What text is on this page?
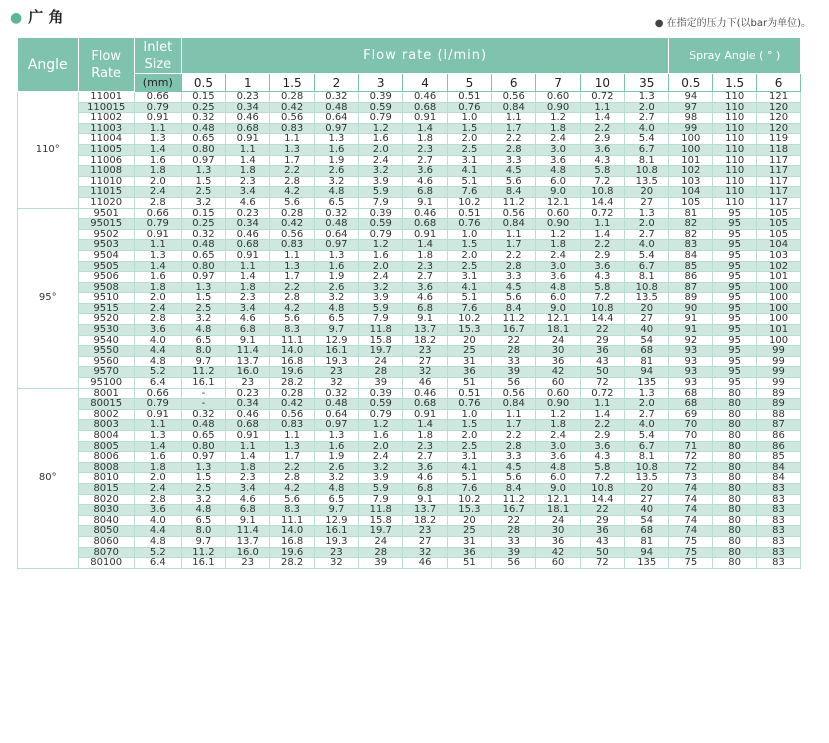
● 广 角	● 在指定的压力下(以bar为单位)。
Angle	Flow Rate	Inlet Size	Flow rate (l/min)											Spray Angle ( ° )		
		(mm)	0.5	1	1.5	2	3	4	5	6	7	10	35	0.5	1.5	6
110°	11001	0.66	0.15	0.23	0.28	0.32	0.39	0.46	0.51	0.56	0.60	0.72	1.3	94	110	121
	110015	0.79	0.25	0.34	0.42	0.48	0.59	0.68	0.76	0.84	0.90	1.1	2.0	97	110	120
	11002	0.91	0.32	0.46	0.56	0.64	0.79	0.91	1.0	1.1	1.2	1.4	2.7	98	110	120
	11003	1.1	0.48	0.68	0.83	0.97	1.2	1.4	1.5	1.7	1.8	2.2	4.0	99	110	120
	11004	1.3	0.65	0.91	1.1	1.3	1.6	1.8	2.0	2.2	2.4	2.9	5.4	100	110	119
	11005	1.4	0.80	1.1	1.3	1.6	2.0	2.3	2.5	2.8	3.0	3.6	6.7	100	110	118
	11006	1.6	0.97	1.4	1.7	1.9	2.4	2.7	3.1	3.3	3.6	4.3	8.1	101	110	117
	11008	1.8	1.3	1.8	2.2	2.6	3.2	3.6	4.1	4.5	4.8	5.8	10.8	102	110	117
	11010	2.0	1.5	2.3	2.8	3.2	3.9	4.6	5.1	5.6	6.0	7.2	13.5	103	110	117
	11015	2.4	2.5	3.4	4.2	4.8	5.9	6.8	7.6	8.4	9.0	10.8	20	104	110	117
	11020	2.8	3.2	4.6	5.6	6.5	7.9	9.1	10.2	11.2	12.1	14.4	27	105	110	117
95°	9501	0.66	0.15	0.23	0.28	0.32	0.39	0.46	0.51	0.56	0.60	0.72	1.3	81	95	105
	95015	0.79	0.25	0.34	0.42	0.48	0.59	0.68	0.76	0.84	0.90	1.1	2.0	82	95	105
	9502	0.91	0.32	0.46	0.56	0.64	0.79	0.91	1.0	1.1	1.2	1.4	2.7	82	95	105
	9503	1.1	0.48	0.68	0.83	0.97	1.2	1.4	1.5	1.7	1.8	2.2	4.0	83	95	104
	9504	1.3	0.65	0.91	1.1	1.3	1.6	1.8	2.0	2.2	2.4	2.9	5.4	84	95	103
	9505	1.4	0.80	1.1	1.3	1.6	2.0	2.3	2.5	2.8	3.0	3.6	6.7	85	95	102
	9506	1.6	0.97	1.4	1.7	1.9	2.4	2.7	3.1	3.3	3.6	4.3	8.1	86	95	101
	9508	1.8	1.3	1.8	2.2	2.6	3.2	3.6	4.1	4.5	4.8	5.8	10.8	87	95	100
	9510	2.0	1.5	2.3	2.8	3.2	3.9	4.6	5.1	5.6	6.0	7.2	13.5	89	95	100
	9515	2.4	2.5	3.4	4.2	4.8	5.9	6.8	7.6	8.4	9.0	10.8	20	90	95	100
	9520	2.8	3.2	4.6	5.6	6.5	7.9	9.1	10.2	11.2	12.1	14.4	27	91	95	100
	9530	3.6	4.8	6.8	8.3	9.7	11.8	13.7	15.3	16.7	18.1	22	40	91	95	101
	9540	4.0	6.5	9.1	11.1	12.9	15.8	18.2	20	22	24	29	54	92	95	100
	9550	4.4	8.0	11.4	14.0	16.1	19.7	23	25	28	30	36	68	93	95	99
	9560	4.8	9.7	13.7	16.8	19.3	24	27	31	33	36	43	81	93	95	99
	9570	5.2	11.2	16.0	19.6	23	28	32	36	39	42	50	94	93	95	99
	95100	6.4	16.1	23	28.2	32	39	46	51	56	60	72	135	93	95	99
80°	8001	0.66	-	0.23	0.28	0.32	0.39	0.46	0.51	0.56	0.60	0.72	1.3	68	80	89
	80015	0.79	-	0.34	0.42	0.48	0.59	0.68	0.76	0.84	0.90	1.1	2.0	68	80	89
	8002	0.91	0.32	0.46	0.56	0.64	0.79	0.91	1.0	1.1	1.2	1.4	2.7	69	80	88
	8003	1.1	0.48	0.68	0.83	0.97	1.2	1.4	1.5	1.7	1.8	2.2	4.0	70	80	87
	8004	1.3	0.65	0.91	1.1	1.3	1.6	1.8	2.0	2.2	2.4	2.9	5.4	70	80	86
	8005	1.4	0.80	1.1	1.3	1.6	2.0	2.3	2.5	2.8	3.0	3.6	6.7	71	80	86
	8006	1.6	0.97	1.4	1.7	1.9	2.4	2.7	3.1	3.3	3.6	4.3	8.1	72	80	85
	8008	1.8	1.3	1.8	2.2	2.6	3.2	3.6	4.1	4.5	4.8	5.8	10.8	72	80	84
	8010	2.0	1.5	2.3	2.8	3.2	3.9	4.6	5.1	5.6	6.0	7.2	13.5	73	80	84
	8015	2.4	2.5	3.4	4.2	4.8	5.9	6.8	7.6	8.4	9.0	10.8	20	74	80	83
	8020	2.8	3.2	4.6	5.6	6.5	7.9	9.1	10.2	11.2	12.1	14.4	27	74	80	83
	8030	3.6	4.8	6.8	8.3	9.7	11.8	13.7	15.3	16.7	18.1	22	40	74	80	83
	8040	4.0	6.5	9.1	11.1	12.9	15.8	18.2	20	22	24	29	54	74	80	83
	8050	4.4	8.0	11.4	14.0	16.1	19.7	23	25	28	30	36	68	74	80	83
	8060	4.8	9.7	13.7	16.8	19.3	24	27	31	33	36	43	81	75	80	83
	8070	5.2	11.2	16.0	19.6	23	28	32	36	39	42	50	94	75	80	83
	80100	6.4	16.1	23	28.2	32	39	46	51	56	60	72	135	75	80	83
